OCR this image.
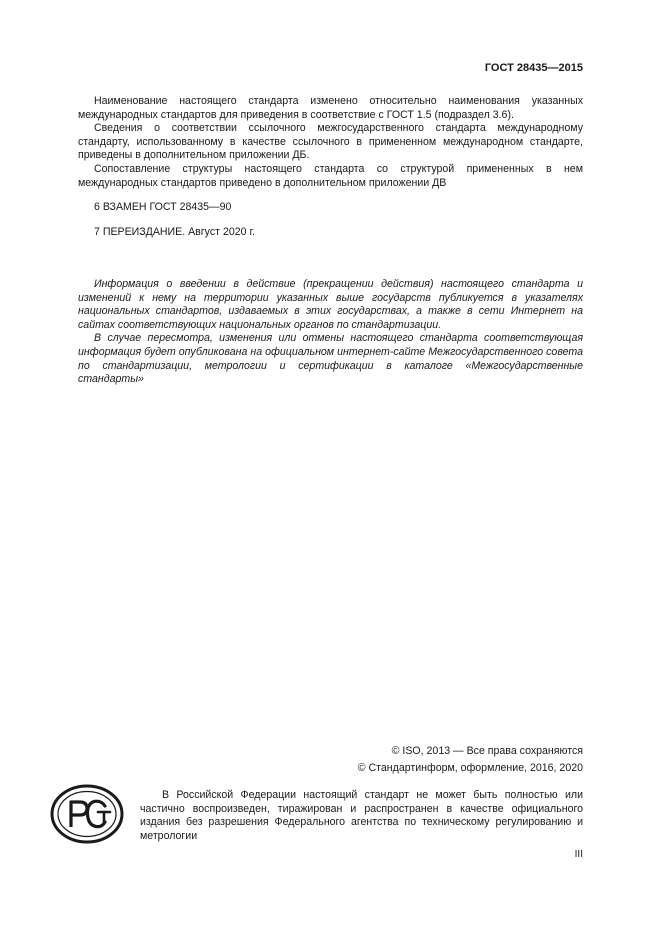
ГОСТ 28435—2015

Наименование настоящего стандарта изменено относительно наименования указанных международных стандартов для приведения в соответствие с ГОСТ 1.5 (подраздел 3.6).

Сведения о соответствии ссылочного межгосударственного стандарта международному стандарту, использованному в качестве ссылочного в примененном международном стандарте, приведены в дополнительном приложении ДБ.

Сопоставление структуры настоящего стандарта со структурой примененных в нем международных стандартов приведено в дополнительном приложении ДВ

6 ВЗАМЕН ГОСТ 28435—90

7 ПЕРЕИЗДАНИЕ. Август 2020 г.

Информация о введении в действие (прекращении действия) настоящего стандарта и изменений к нему на территории указанных выше государств публикуется в указателях национальных стандартов, издаваемых в этих государствах, а также в сети Интернет на сайтах соответствующих национальных органов по стандартизации.

В случае пересмотра, изменения или отмены настоящего стандарта соответствующая информация будет опубликована на официальном интернет-сайте Межгосударственного совета по стандартизации, метрологии и сертификации в каталоге «Межгосударственные стандарты»

© ISO, 2013 — Все права сохраняются
© Стандартинформ, оформление, 2016, 2020

В Российской Федерации настоящий стандарт не может быть полностью или частично воспроизведен, тиражирован и распространен в качестве официального издания без разрешения Федерального агентства по техническому регулированию и метрологии

III
